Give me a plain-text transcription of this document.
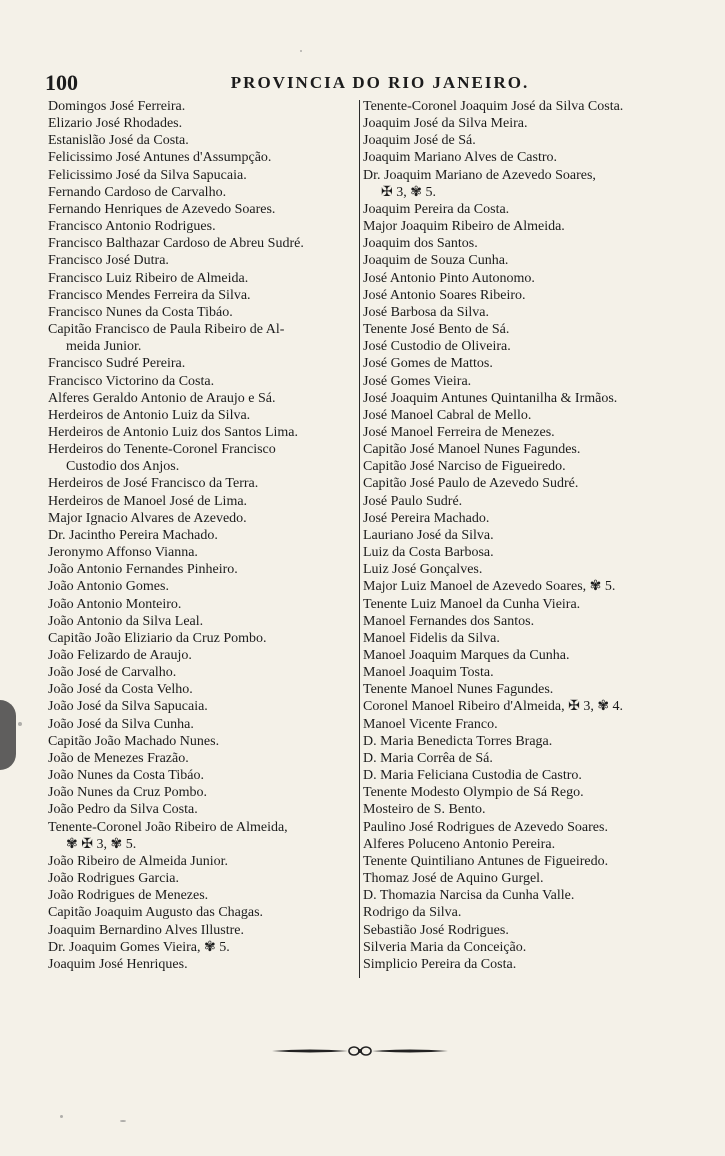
100	PROVINCIA DO RIO JANEIRO.
Domingos José Ferreira.
Elizario José Rhodades.
Estanislão José da Costa.
Felicissimo José Antunes d'Assumpção.
Felicissimo José da Silva Sapucaia.
Fernando Cardoso de Carvalho.
Fernando Henriques de Azevedo Soares.
Francisco Antonio Rodrigues.
Francisco Balthazar Cardoso de Abreu Sudré.
Francisco José Dutra.
Francisco Luiz Ribeiro de Almeida.
Francisco Mendes Ferreira da Silva.
Francisco Nunes da Costa Tibáo.
Capitão Francisco de Paula Ribeiro de Al-
meida Junior.
Francisco Sudré Pereira.
Francisco Victorino da Costa.
Alferes Geraldo Antonio de Araujo e Sá.
Herdeiros de Antonio Luiz da Silva.
Herdeiros de Antonio Luiz dos Santos Lima.
Herdeiros do Tenente-Coronel Francisco
Custodio dos Anjos.
Herdeiros de José Francisco da Terra.
Herdeiros de Manoel José de Lima.
Major Ignacio Alvares de Azevedo.
Dr. Jacintho Pereira Machado.
Jeronymo Affonso Vianna.
João Antonio Fernandes Pinheiro.
João Antonio Gomes.
João Antonio Monteiro.
João Antonio da Silva Leal.
Capitão João Eliziario da Cruz Pombo.
João Felizardo de Araujo.
João José de Carvalho.
João José da Costa Velho.
João José da Silva Sapucaia.
João José da Silva Cunha.
Capitão João Machado Nunes.
João de Menezes Frazão.
João Nunes da Costa Tibáo.
João Nunes da Cruz Pombo.
João Pedro da Silva Costa.
Tenente-Coronel João Ribeiro de Almeida,
✾ ✠ 3, ✾ 5.
João Ribeiro de Almeida Junior.
João Rodrigues Garcia.
João Rodrigues de Menezes.
Capitão Joaquim Augusto das Chagas.
Joaquim Bernardino Alves Illustre.
Dr. Joaquim Gomes Vieira, ✾ 5.
Joaquim José Henriques.
Tenente-Coronel Joaquim José da Silva Costa.
Joaquim José da Silva Meira.
Joaquim José de Sá.
Joaquim Mariano Alves de Castro.
Dr. Joaquim Mariano de Azevedo Soares,
✠ 3, ✾ 5.
Joaquim Pereira da Costa.
Major Joaquim Ribeiro de Almeida.
Joaquim dos Santos.
Joaquim de Souza Cunha.
José Antonio Pinto Autonomo.
José Antonio Soares Ribeiro.
José Barbosa da Silva.
Tenente José Bento de Sá.
José Custodio de Oliveira.
José Gomes de Mattos.
José Gomes Vieira.
José Joaquim Antunes Quintanilha & Irmãos.
José Manoel Cabral de Mello.
José Manoel Ferreira de Menezes.
Capitão José Manoel Nunes Fagundes.
Capitão José Narciso de Figueiredo.
Capitão José Paulo de Azevedo Sudré.
José Paulo Sudré.
José Pereira Machado.
Lauriano José da Silva.
Luiz da Costa Barbosa.
Luiz José Gonçalves.
Major Luiz Manoel de Azevedo Soares, ✾ 5.
Tenente Luiz Manoel da Cunha Vieira.
Manoel Fernandes dos Santos.
Manoel Fidelis da Silva.
Manoel Joaquim Marques da Cunha.
Manoel Joaquim Tosta.
Tenente Manoel Nunes Fagundes.
Coronel Manoel Ribeiro d'Almeida, ✠ 3, ✾ 4.
Manoel Vicente Franco.
D. Maria Benedicta Torres Braga.
D. Maria Corrêa de Sá.
D. Maria Feliciana Custodia de Castro.
Tenente Modesto Olympio de Sá Rego.
Mosteiro de S. Bento.
Paulino José Rodrigues de Azevedo Soares.
Alferes Poluceno Antonio Pereira.
Tenente Quintiliano Antunes de Figueiredo.
Thomaz José de Aquino Gurgel.
D. Thomazia Narcisa da Cunha Valle.
Rodrigo da Silva.
Sebastião José Rodrigues.
Silveria Maria da Conceição.
Simplicio Pereira da Costa.
